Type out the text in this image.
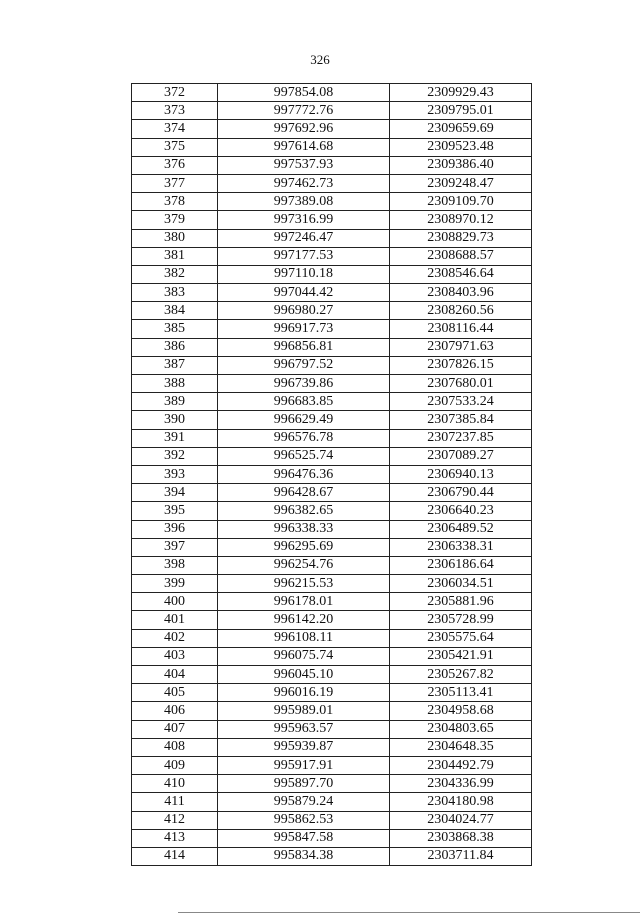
326
372	997854.08	2309929.43
373	997772.76	2309795.01
374	997692.96	2309659.69
375	997614.68	2309523.48
376	997537.93	2309386.40
377	997462.73	2309248.47
378	997389.08	2309109.70
379	997316.99	2308970.12
380	997246.47	2308829.73
381	997177.53	2308688.57
382	997110.18	2308546.64
383	997044.42	2308403.96
384	996980.27	2308260.56
385	996917.73	2308116.44
386	996856.81	2307971.63
387	996797.52	2307826.15
388	996739.86	2307680.01
389	996683.85	2307533.24
390	996629.49	2307385.84
391	996576.78	2307237.85
392	996525.74	2307089.27
393	996476.36	2306940.13
394	996428.67	2306790.44
395	996382.65	2306640.23
396	996338.33	2306489.52
397	996295.69	2306338.31
398	996254.76	2306186.64
399	996215.53	2306034.51
400	996178.01	2305881.96
401	996142.20	2305728.99
402	996108.11	2305575.64
403	996075.74	2305421.91
404	996045.10	2305267.82
405	996016.19	2305113.41
406	995989.01	2304958.68
407	995963.57	2304803.65
408	995939.87	2304648.35
409	995917.91	2304492.79
410	995897.70	2304336.99
411	995879.24	2304180.98
412	995862.53	2304024.77
413	995847.58	2303868.38
414	995834.38	2303711.84
